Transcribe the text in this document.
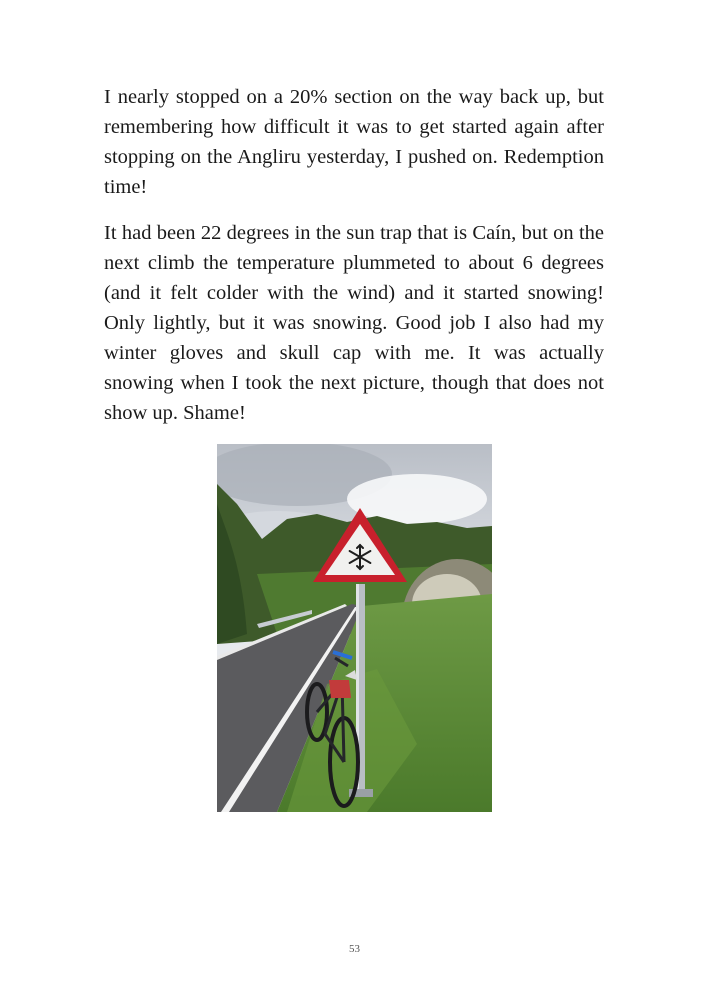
I nearly stopped on a 20% section on the way back up, but remembering how difficult it was to get started again after stopping on the Angliru yesterday, I pushed on. Redemption time!

It had been 22 degrees in the sun trap that is Caín, but on the next climb the temperature plummeted to about 6 degrees (and it felt colder with the wind) and it started snowing! Only lightly, but it was snowing. Good job I also had my winter gloves and skull cap with me. It was actually snowing when I took the next picture, though that does not show up. Shame!

53
